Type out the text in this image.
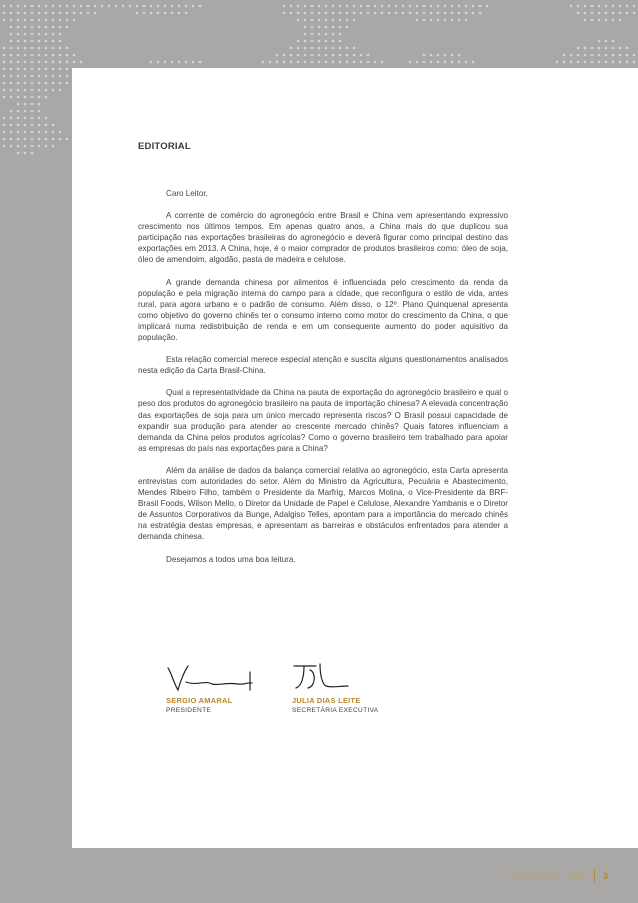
EDITORIAL

Caro Leitor,

A corrente de comércio do agronegócio entre Brasil e China vem apresentando expressivo crescimento nos últimos tempos. Em apenas quatro anos, a China mais do que duplicou sua participação nas exportações brasileiras do agronegócio e deverá figurar como principal destino das exportações em 2013. A China, hoje, é o maior comprador de produtos brasileiros como: óleo de soja, óleo de amendoim, algodão, pasta de madeira e celulose.

A grande demanda chinesa por alimentos é influenciada pelo crescimento da renda da população e pela migração interna do campo para a cidade, que reconfigura o estilo de vida, antes rural, para agora urbano e o padrão de consumo. Além disso, o 12º. Plano Quinquenal apresenta como objetivo do governo chinês ter o consumo interno como motor do crescimento da China, o que implicará numa redistribuição de renda e em um consequente aumento do poder aquisitivo da população.

Esta relação comercial merece especial atenção e suscita alguns questionamentos analisados nesta edição da Carta Brasil-China.

Qual a representatividade da China na pauta de exportação do agronegócio brasileiro e qual o peso dos produtos do agronegócio brasileiro na pauta de importação chinesa? A elevada concentração das exportações de soja para um único mercado representa riscos? O Brasil possui capacidade de expandir sua produção para atender ao crescente mercado chinês? Quais fatores influenciam a demanda da China pelos produtos agrícolas? Como o governo brasileiro tem trabalhado para apoiar as empresas do país nas exportações para a China?

Além da análise de dados da balança comercial relativa ao agronegócio, esta Carta apresenta entrevistas com autoridades do setor. Além do Ministro da Agricultura, Pecuária e Abastecimento, Mendes Ribeiro Filho, também o Presidente da Marfrig, Marcos Molina, o Vice-Presidente da BRF- Brasil Foods, Wilson Mello, o Diretor da Unidade de Papel e Celulose, Alexandre Yambanis e o Diretor de Assuntos Corporativos da Bunge, Adalgiso Telles, apontam para a importância do mercado chinês na estratégia destas empresas, e apresentam as barreiras e obstáculos enfrentados para atender a demanda chinesa.

Desejamos a todos uma boa leitura.

SERGIO AMARAL
PRESIDENTE
JULIA DIAS LEITE
SECRETÁRIA EXECUTIVA
CARTA BRASIL-CHINA 3
